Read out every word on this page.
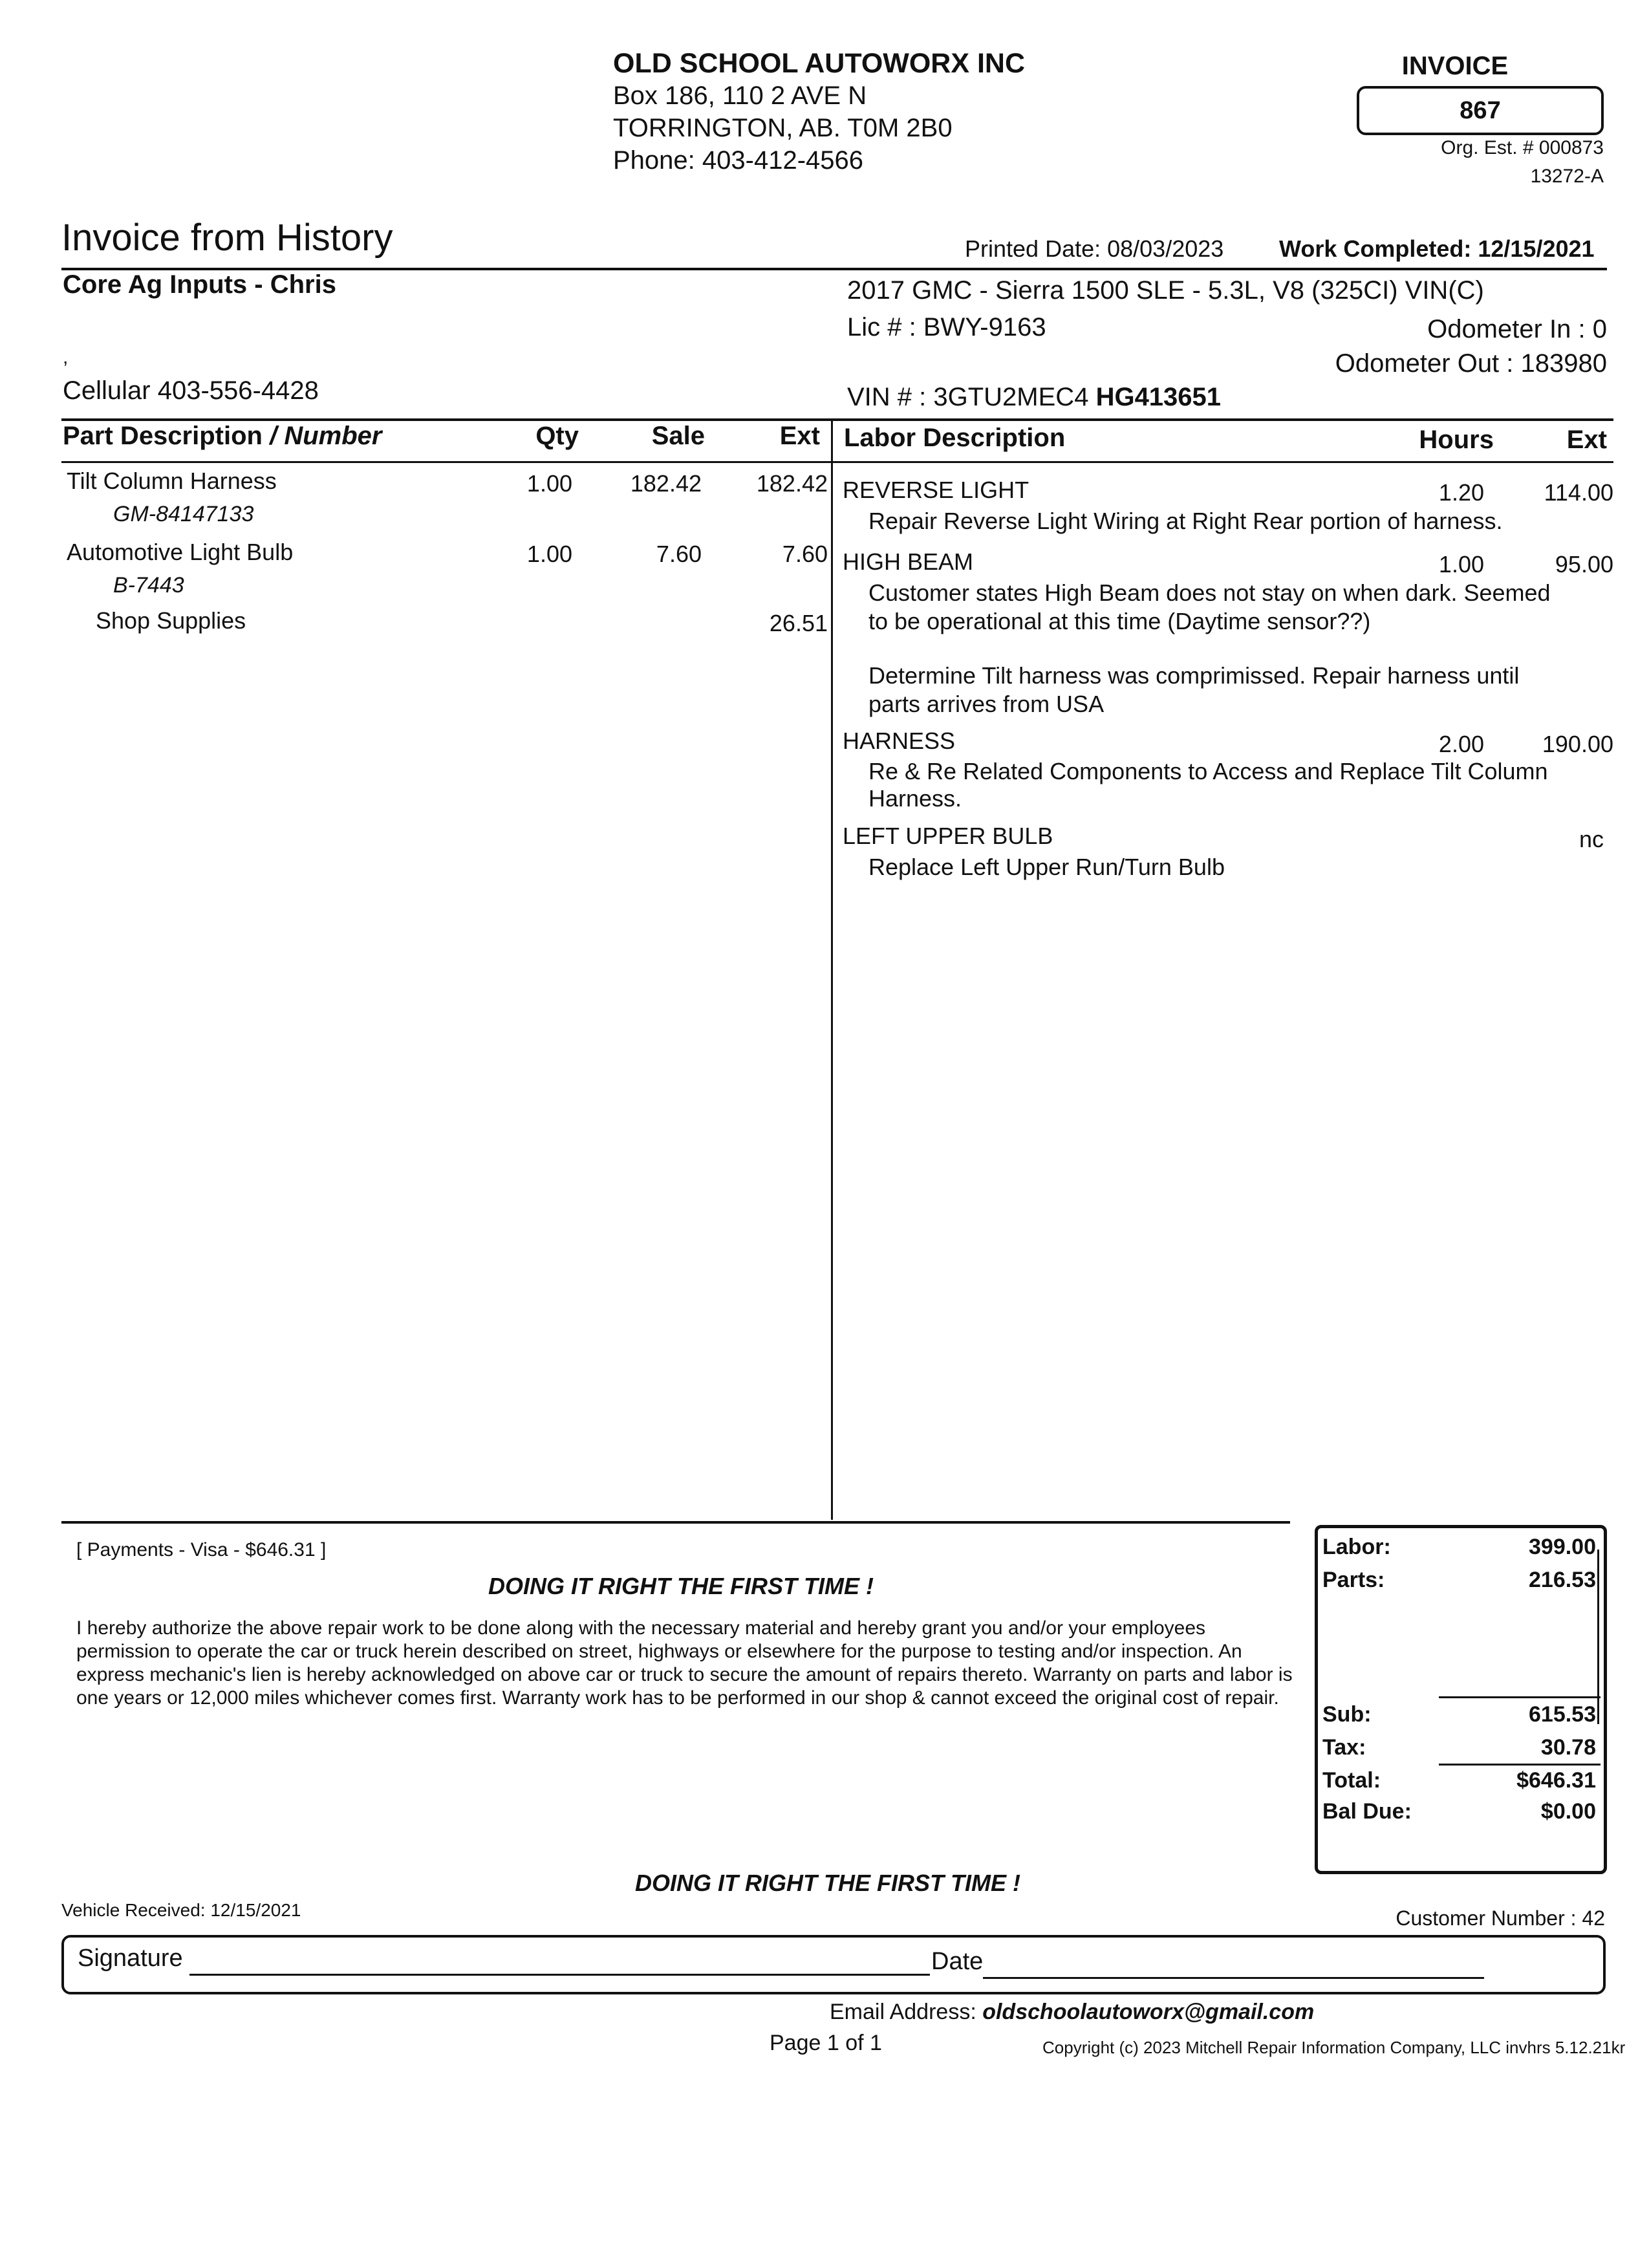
OLD SCHOOL AUTOWORX INC
Box 186, 110 2 AVE N
TORRINGTON, AB. T0M 2B0
Phone: 403-412-4566
INVOICE
867
Org. Est. # 000873
13272-A
Invoice from History	Printed Date: 08/03/2023 Work Completed: 12/15/2021
Core Ag Inputs - Chris
,
Cellular 403-556-4428
2017 GMC - Sierra 1500 SLE - 5.3L, V8 (325CI) VIN(C)
Lic # : BWY-9163	Odometer In : 0
Odometer Out : 183980
VIN # : 3GTU2MEC4 HG413651
Part Description / Number	Qty	Sale	Ext Labor Description	Hours	Ext
Tilt Column Harness
GM-84147133
1.00	182.42	182.42
Automotive Light Bulb
B-7443
1.00	7.60	7.60
Shop Supplies	26.51
REVERSE LIGHT	1.20	114.00
Repair Reverse Light Wiring at Right Rear portion of harness.
HIGH BEAM	1.00	95.00
Customer states High Beam does not stay on when dark. Seemed
to be operational at this time (Daytime sensor??)
Determine Tilt harness was comprimissed. Repair harness until
parts arrives from USA
HARNESS	2.00	190.00
Re & Re Related Components to Access and Replace Tilt Column
Harness.
LEFT UPPER BULB	nc
Replace Left Upper Run/Turn Bulb
[ Payments - Visa - $646.31 ]
DOING IT RIGHT THE FIRST TIME !
I hereby authorize the above repair work to be done along with the necessary material and hereby grant you and/or your employees permission to operate the car or truck herein described on street, highways or elsewhere for the purpose to testing and/or inspection. An express mechanic's lien is hereby acknowledged on above car or truck to secure the amount of repairs thereto. Warranty on parts and labor is one years or 12,000 miles whichever comes first. Warranty work has to be performed in our shop & cannot exceed the original cost of repair.
Labor:	399.00
Parts:	216.53
Sub:	615.53
Tax:	30.78
Total:	$646.31
Bal Due:	$0.00
DOING IT RIGHT THE FIRST TIME !
Vehicle Received: 12/15/2021	Customer Number : 42
Signature	Date
Email Address: oldschoolautoworx@gmail.com
Page 1 of 1	Copyright (c) 2023 Mitchell Repair Information Company, LLC invhrs 5.12.21kr
